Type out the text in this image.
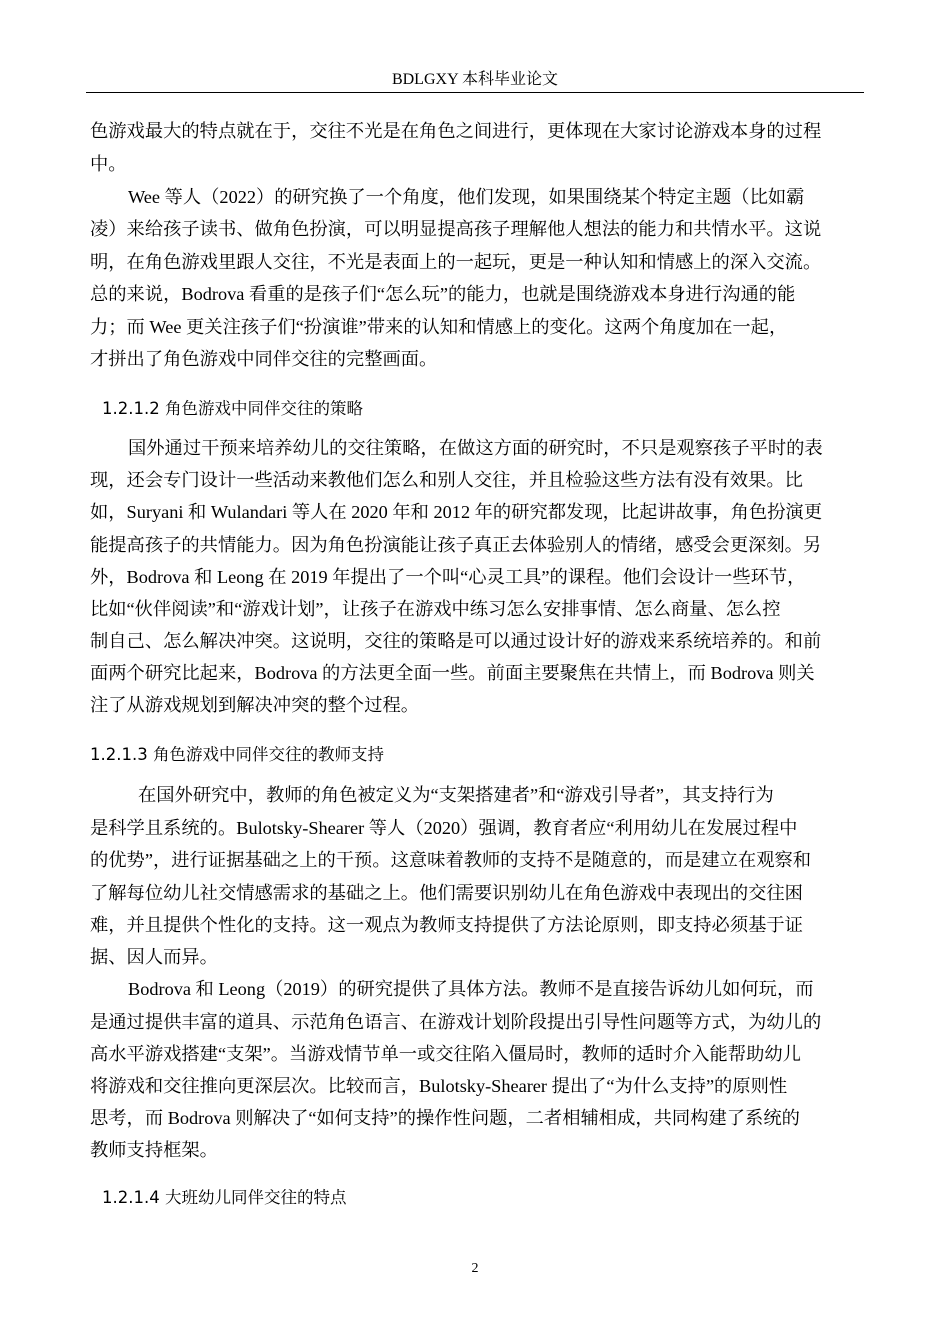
BDLGXY 本科毕业论文
色游戏最大的特点就在于，交往不光是在角色之间进行，更体现在大家讨论游戏本身的过程
中。
Wee 等人（2022）的研究换了一个角度，他们发现，如果围绕某个特定主题（比如霸
凌）来给孩子读书、做角色扮演，可以明显提高孩子理解他人想法的能力和共情水平。这说
明，在角色游戏里跟人交往，不光是表面上的一起玩，更是一种认知和情感上的深入交流。
总的来说，Bodrova 看重的是孩子们“怎么玩”的能力，也就是围绕游戏本身进行沟通的能
力；而 Wee 更关注孩子们“扮演谁”带来的认知和情感上的变化。这两个角度加在一起，
才拼出了角色游戏中同伴交往的完整画面。
1.2.1.2 角色游戏中同伴交往的策略
国外通过干预来培养幼儿的交往策略，在做这方面的研究时，不只是观察孩子平时的表
现，还会专门设计一些活动来教他们怎么和别人交往，并且检验这些方法有没有效果。比
如，Suryani 和 Wulandari 等人在 2020 年和 2012 年的研究都发现，比起讲故事，角色扮演更
能提高孩子的共情能力。因为角色扮演能让孩子真正去体验别人的情绪，感受会更深刻。另
外，Bodrova 和 Leong 在 2019 年提出了一个叫“心灵工具”的课程。他们会设计一些环节，
比如“伙伴阅读”和“游戏计划”，让孩子在游戏中练习怎么安排事情、怎么商量、怎么控
制自己、怎么解决冲突。这说明，交往的策略是可以通过设计好的游戏来系统培养的。和前
面两个研究比起来，Bodrova 的方法更全面一些。前面主要聚焦在共情上，而 Bodrova 则关
注了从游戏规划到解决冲突的整个过程。
1.2.1.3 角色游戏中同伴交往的教师支持
在国外研究中，教师的角色被定义为“支架搭建者”和“游戏引导者”，其支持行为
是科学且系统的。Bulotsky-Shearer 等人（2020）强调，教育者应“利用幼儿在发展过程中
的优势”，进行证据基础之上的干预。这意味着教师的支持不是随意的，而是建立在观察和
了解每位幼儿社交情感需求的基础之上。他们需要识别幼儿在角色游戏中表现出的交往困
难，并且提供个性化的支持。这一观点为教师支持提供了方法论原则，即支持必须基于证
据、因人而异。
Bodrova 和 Leong（2019）的研究提供了具体方法。教师不是直接告诉幼儿如何玩，而
是通过提供丰富的道具、示范角色语言、在游戏计划阶段提出引导性问题等方式，为幼儿的
高水平游戏搭建“支架”。当游戏情节单一或交往陷入僵局时，教师的适时介入能帮助幼儿
将游戏和交往推向更深层次。比较而言，Bulotsky-Shearer 提出了“为什么支持”的原则性
思考，而 Bodrova 则解决了“如何支持”的操作性问题，二者相辅相成，共同构建了系统的
教师支持框架。
1.2.1.4 大班幼儿同伴交往的特点
2
